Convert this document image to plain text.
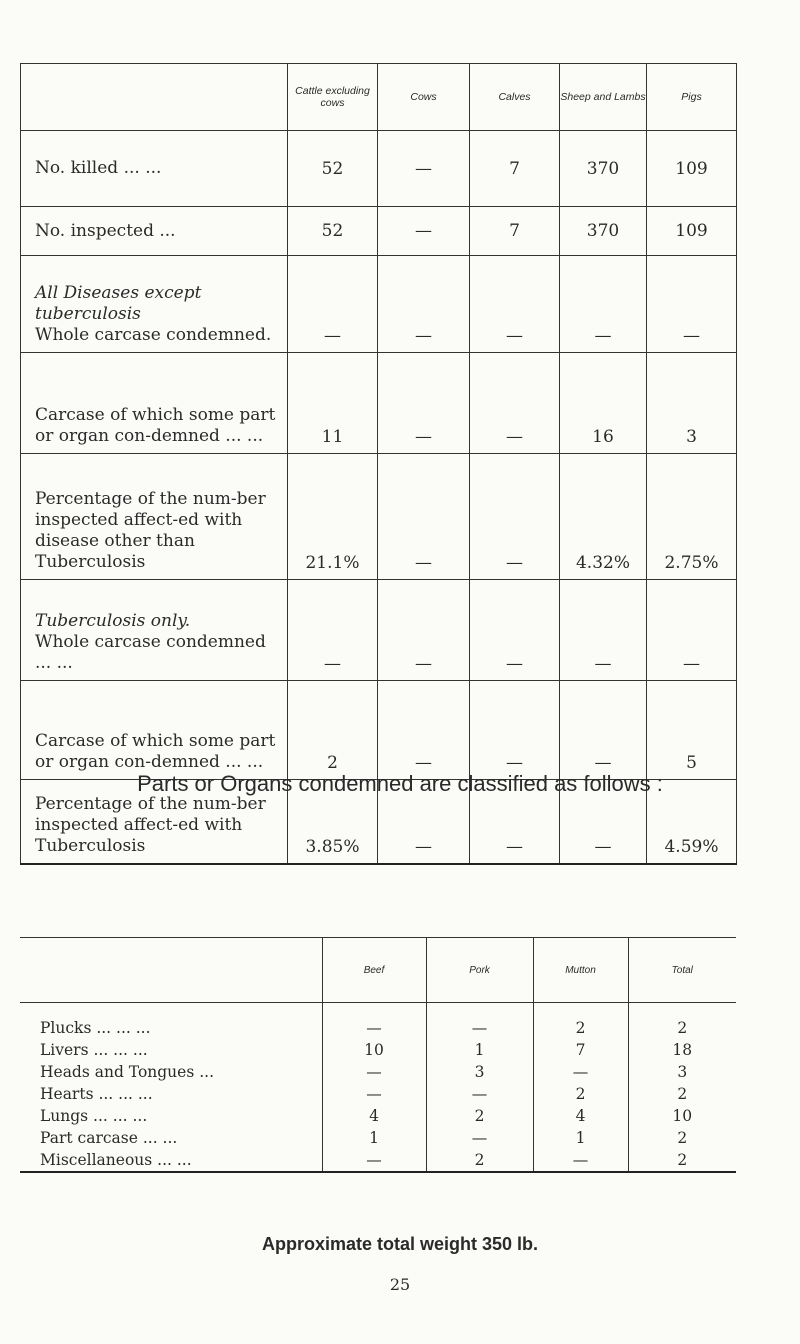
	Cattle excluding cows	Cows	Calves	Sheep and Lambs	Pigs
No. killed ... ...	52	—	7	370	109
No. inspected ...	52	—	7	370	109
All Diseases except tuberculosis
Whole carcase condemned.	—	—	—	—	—
Carcase of which some part or organ con-demned ... ...	11	—	—	16	3
Percentage of the num-ber inspected affect-ed with disease other than Tuberculosis	21.1%	—	—	4.32%	2.75%
Tuberculosis only.
Whole carcase condemned ... ...	—	—	—	—	—
Carcase of which some part or organ con-demned ... ...	2	—	—	—	5
Percentage of the num-ber inspected affect-ed with Tuberculosis	3.85%	—	—	—	4.59%
Parts or Organs condemned are classified as follows :
	Beef	Pork	Mutton	Total
Plucks ... ... ...	—	—	2	2
Livers ... ... ...	10	1	7	18
Heads and Tongues ...	—	3	—	3
Hearts ... ... ...	—	—	2	2
Lungs ... ... ...	4	2	4	10
Part carcase ... ...	1	—	1	2
Miscellaneous ... ...	—	2	—	2

Approximate total weight 350 lb.

25
